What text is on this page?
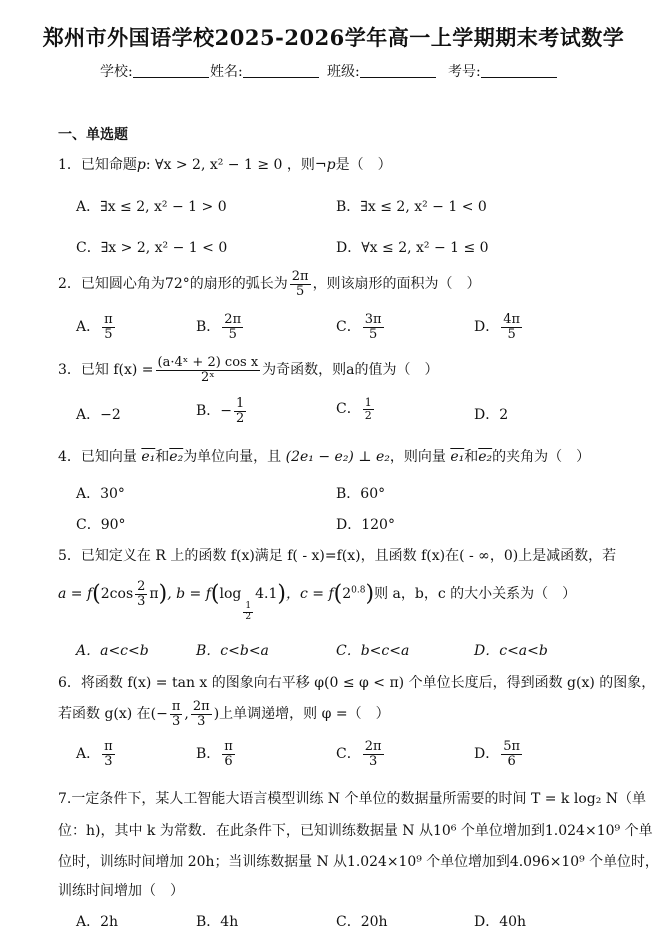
郑州市外国语学校2025-2026学年高一上学期期末考试数学
学校:	姓名:	班级:	考号:
一、单选题
1．已知命题p: ∀x > 2, x² − 1 ≥ 0 ，则¬p是（　）
A．∃x ≤ 2, x² − 1 > 0	B．∃x ≤ 2, x² − 1 < 0
C．∃x > 2, x² − 1 < 0	D．∀x ≤ 2, x² − 1 ≤ 0
2．已知圆心角为72°的扇形的弧长为 $\frac{2\pi}{5}$ ，则该扇形的面积为（　）
A． $\frac{\pi}{5}$	B． $\frac{2\pi}{5}$	C． $\frac{3\pi}{5}$	D． $\frac{4\pi}{5}$
3．已知 $f(x) = \frac{\text{(a·4ˣ + 2) cos x}}{\text{2ˣ}}$ 为奇函数，则a的值为（　）
A．−2	B．− $\frac{1}{2}$	C． $\frac{1}{2}$	D．2
4．已知向量 e₁和e₂为单位向量，且 (2e₁ − e₂) ⊥ e₂，则向量 e₁和e₂的夹角为（　）
A．30°	B．60°
C．90°	D．120°
5．已知定义在 R 上的函数 f(x)满足 f( - x)=f(x)，且函数 f(x)在( - ∞，0)上是减函数，若
$a = f(2\cos \frac{2}{3} \pi)$, b = f(log
$\frac{1}{2}$
4.1)，$c = f(2^{0.8})$则 a，b，c 的大小关系为（　）
A．a<c<b	B．c<b<a	C．b<c<a	D．c<a<b
6．将函数 f(x) = tan x 的图象向右平移 φ(0 ≤ φ < π) 个单位长度后，得到函数 g(x) 的图象，
若函数 g(x) 在(− $\frac{\pi}{3}$ , $\frac{2\pi}{3}$ )上单调递增，则 φ =（　）
A． $\frac{\pi}{3}$	B． $\frac{\pi}{6}$	C． $\frac{2\pi}{3}$	D． $\frac{5\pi}{6}$
7.一定条件下，某人工智能大语言模型训练 N 个单位的数据量所需要的时间 T = k log₂ N（单
位：h)，其中 k 为常数．在此条件下，已知训练数据量 N 从10⁶ 个单位增加到1.024×10⁹ 个单
位时，训练时间增加 20h；当训练数据量 N 从1.024×10⁹ 个单位增加到4.096×10⁹ 个单位时，
训练时间增加（　）
A．2h	B．4h	C．20h	D．40h
